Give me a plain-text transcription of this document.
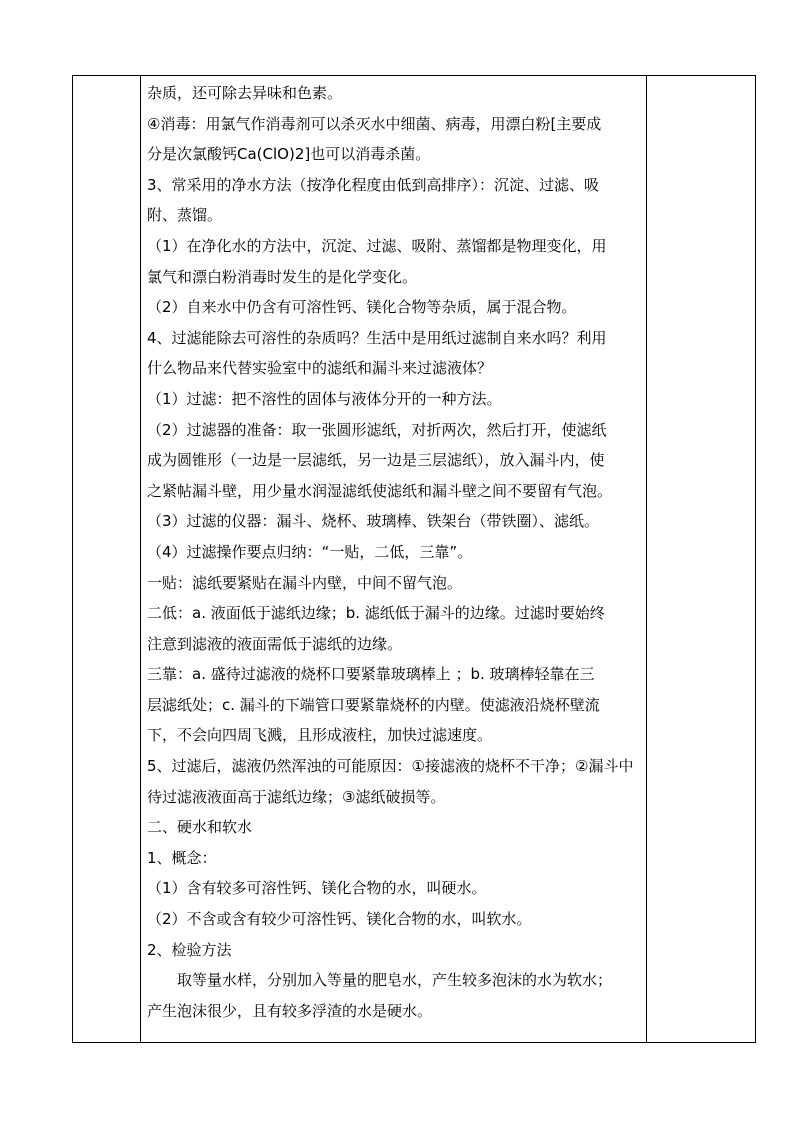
杂质，还可除去异味和色素。
④消毒：用氯气作消毒剂可以杀灭水中细菌、病毒，用漂白粉[主要成
分是次氯酸钙Ca(ClO)2]也可以消毒杀菌。
3、常采用的净水方法（按净化程度由低到高排序）：沉淀、过滤、吸
附、蒸馏。
（1）在净化水的方法中，沉淀、过滤、吸附、蒸馏都是物理变化，用
氯气和漂白粉消毒时发生的是化学变化。
（2）自来水中仍含有可溶性钙、镁化合物等杂质，属于混合物。
4、过滤能除去可溶性的杂质吗？生活中是用纸过滤制自来水吗？利用
什么物品来代替实验室中的滤纸和漏斗来过滤液体？
（1）过滤：把不溶性的固体与液体分开的一种方法。
（2）过滤器的准备：取一张圆形滤纸，对折两次，然后打开，使滤纸
成为圆锥形（一边是一层滤纸，另一边是三层滤纸），放入漏斗内，使
之紧帖漏斗壁，用少量水润湿滤纸使滤纸和漏斗壁之间不要留有气泡。
（3）过滤的仪器：漏斗、烧杯、玻璃棒、铁架台（带铁圈）、滤纸。
（4）过滤操作要点归纳：“一贴，二低，三靠”。
一贴：滤纸要紧贴在漏斗内壁，中间不留气泡。
二低：a. 液面低于滤纸边缘；b. 滤纸低于漏斗的边缘。过滤时要始终
注意到滤液的液面需低于滤纸的边缘。
三靠：a. 盛待过滤液的烧杯口要紧靠玻璃棒上 ；b. 玻璃棒轻靠在三
层滤纸处；c. 漏斗的下端管口要紧靠烧杯的内壁。使滤液沿烧杯壁流
下，不会向四周飞溅，且形成液柱，加快过滤速度。
5、过滤后，滤液仍然浑浊的可能原因：①接滤液的烧杯不干净；②漏斗中
待过滤液液面高于滤纸边缘；③滤纸破损等。
二、硬水和软水
1、概念：
（1）含有较多可溶性钙、镁化合物的水，叫硬水。
（2）不含或含有较少可溶性钙、镁化合物的水，叫软水。
2、检验方法
取等量水样，分别加入等量的肥皂水，产生较多泡沫的水为软水；
产生泡沫很少，且有较多浮渣的水是硬水。
